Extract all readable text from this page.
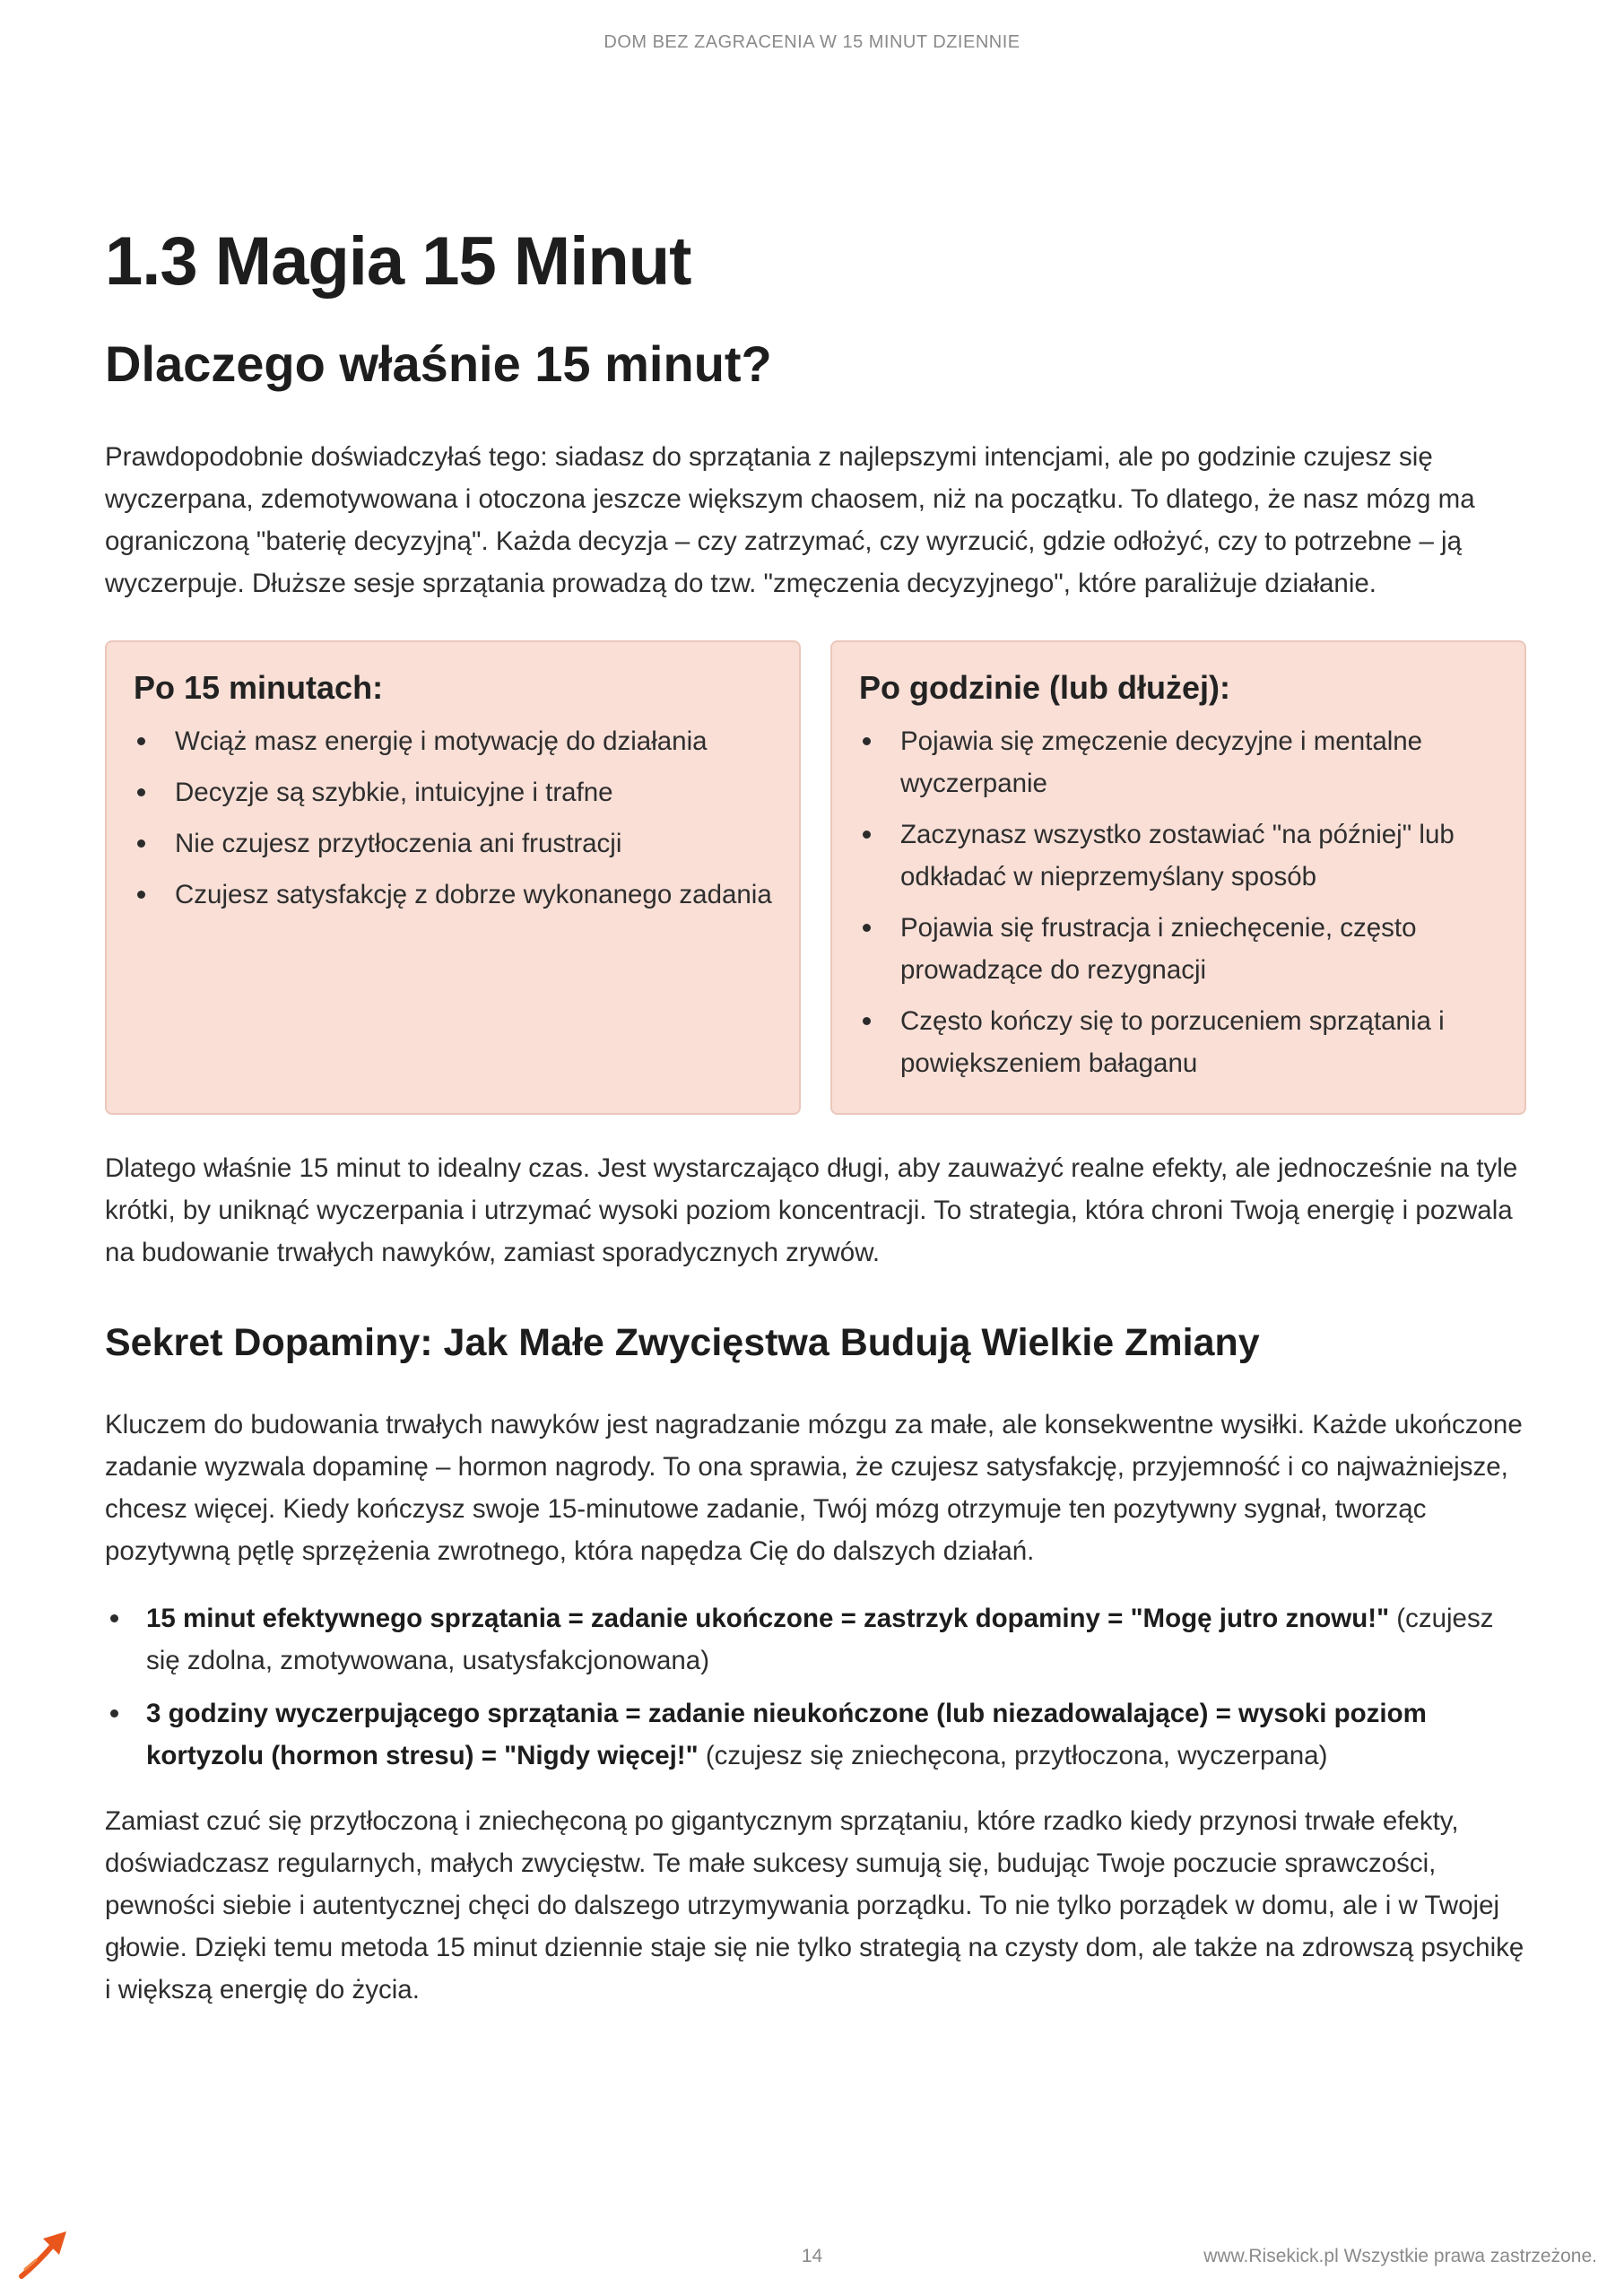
DOM BEZ ZAGRACENIA W 15 MINUT DZIENNIE
1.3 Magia 15 Minut
Dlaczego właśnie 15 minut?

Prawdopodobnie doświadczyłaś tego: siadasz do sprzątania z najlepszymi intencjami, ale po godzinie czujesz się wyczerpana, zdemotywowana i otoczona jeszcze większym chaosem, niż na początku. To dlatego, że nasz mózg ma ograniczoną "baterię decyzyjną". Każda decyzja – czy zatrzymać, czy wyrzucić, gdzie odłożyć, czy to potrzebne – ją wyczerpuje. Dłuższe sesje sprzątania prowadzą do tzw. "zmęczenia decyzyjnego", które paraliżuje działanie.

Po 15 minutach:
Wciąż masz energię i motywację do działania
Decyzje są szybkie, intuicyjne i trafne
Nie czujesz przytłoczenia ani frustracji
Czujesz satysfakcję z dobrze wykonanego zadania
Po godzinie (lub dłużej):
Pojawia się zmęczenie decyzyjne i mentalne wyczerpanie
Zaczynasz wszystko zostawiać "na później" lub odkładać w nieprzemyślany sposób
Pojawia się frustracja i zniechęcenie, często prowadzące do rezygnacji
Często kończy się to porzuceniem sprzątania i powiększeniem bałaganu

Dlatego właśnie 15 minut to idealny czas. Jest wystarczająco długi, aby zauważyć realne efekty, ale jednocześnie na tyle krótki, by uniknąć wyczerpania i utrzymać wysoki poziom koncentracji. To strategia, która chroni Twoją energię i pozwala na budowanie trwałych nawyków, zamiast sporadycznych zrywów.

Sekret Dopaminy: Jak Małe Zwycięstwa Budują Wielkie Zmiany

Kluczem do budowania trwałych nawyków jest nagradzanie mózgu za małe, ale konsekwentne wysiłki. Każde ukończone zadanie wyzwala dopaminę – hormon nagrody. To ona sprawia, że czujesz satysfakcję, przyjemność i co najważniejsze, chcesz więcej. Kiedy kończysz swoje 15-minutowe zadanie, Twój mózg otrzymuje ten pozytywny sygnał, tworząc pozytywną pętlę sprzężenia zwrotnego, która napędza Cię do dalszych działań.

15 minut efektywnego sprzątania = zadanie ukończone = zastrzyk dopaminy = "Mogę jutro znowu!" (czujesz się zdolna, zmotywowana, usatysfakcjonowana)
3 godziny wyczerpującego sprzątania = zadanie nieukończone (lub niezadowalające) = wysoki poziom kortyzolu (hormon stresu) = "Nigdy więcej!" (czujesz się zniechęcona, przytłoczona, wyczerpana)

Zamiast czuć się przytłoczoną i zniechęconą po gigantycznym sprzątaniu, które rzadko kiedy przynosi trwałe efekty, doświadczasz regularnych, małych zwycięstw. Te małe sukcesy sumują się, budując Twoje poczucie sprawczości, pewności siebie i autentycznej chęci do dalszego utrzymywania porządku. To nie tylko porządek w domu, ale i w Twojej głowie. Dzięki temu metoda 15 minut dziennie staje się nie tylko strategią na czysty dom, ale także na zdrowszą psychikę i większą energię do życia.

14	www.Risekick.pl Wszystkie prawa zastrzeżone.
